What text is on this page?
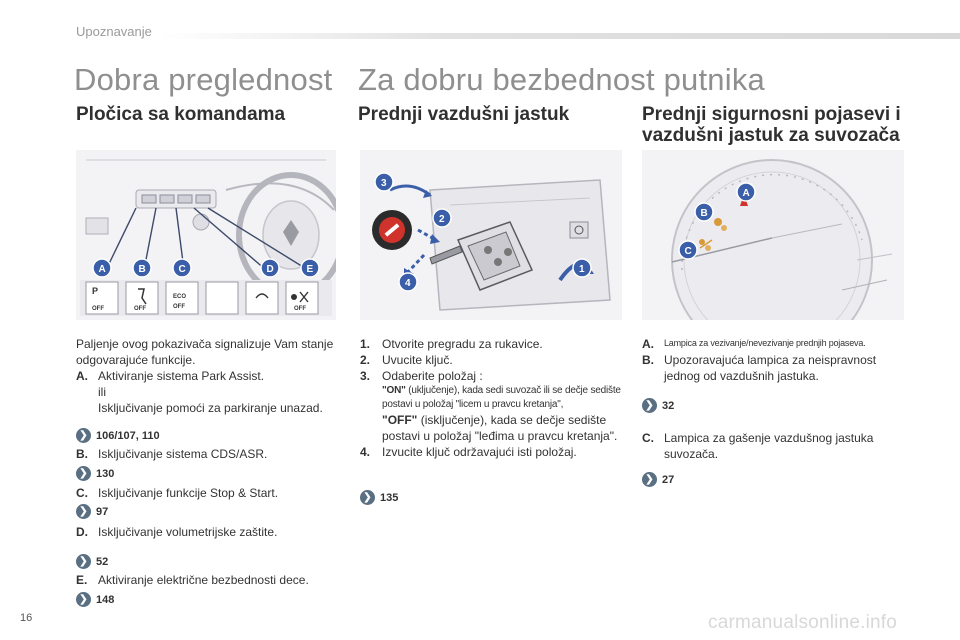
Upoznavanje
Dobra preglednost Za dobru bezbednost putnika
Pločica sa komandama	Prednji vazdušni jastuk	Prednji sigurnosni pojasevi i
vazdušni jastuk za suvozača
P
OFF	OFF
ECO
OFF	OFF
A	B	C	D	E	1
2
3
4
A
B
C
Paljenje ovog pokazivača signalizuje Vam stanje odgovarajuće funkcije.
A. Aktiviranje sistema Park Assist.
ili
Isključivanje pomoći za parkiranje unazad.
❯ 106/107, 110
B. Isključivanje sistema CDS/ASR.
❯ 130
C. Isključivanje funkcije Stop & Start.
❯ 97
D. Isključivanje volumetrijske zaštite.
❯ 52
E. Aktiviranje električne bezbednosti dece.
❯ 148
1. Otvorite pregradu za rukavice.
2. Uvucite ključ.
3. Odaberite položaj :
"ON" (uključenje), kada sedi suvozač ili se dečje sedište postavi u položaj "licem u pravcu kretanja",
"OFF" (isključenje), kada se dečje sedište postavi u položaj "leđima u pravcu kretanja".
4. Izvucite ključ održavajući isti položaj.
❯ 135
A.	Lampica za vezivanje/nevezivanje prednjih pojaseva.
B. Upozoravajuća lampica za neispravnost jednog od vazdušnih jastuka.
❯ 32
C. Lampica za gašenje vazdušnog jastuka suvozača.
❯ 27
16	carmanualsonline.info
